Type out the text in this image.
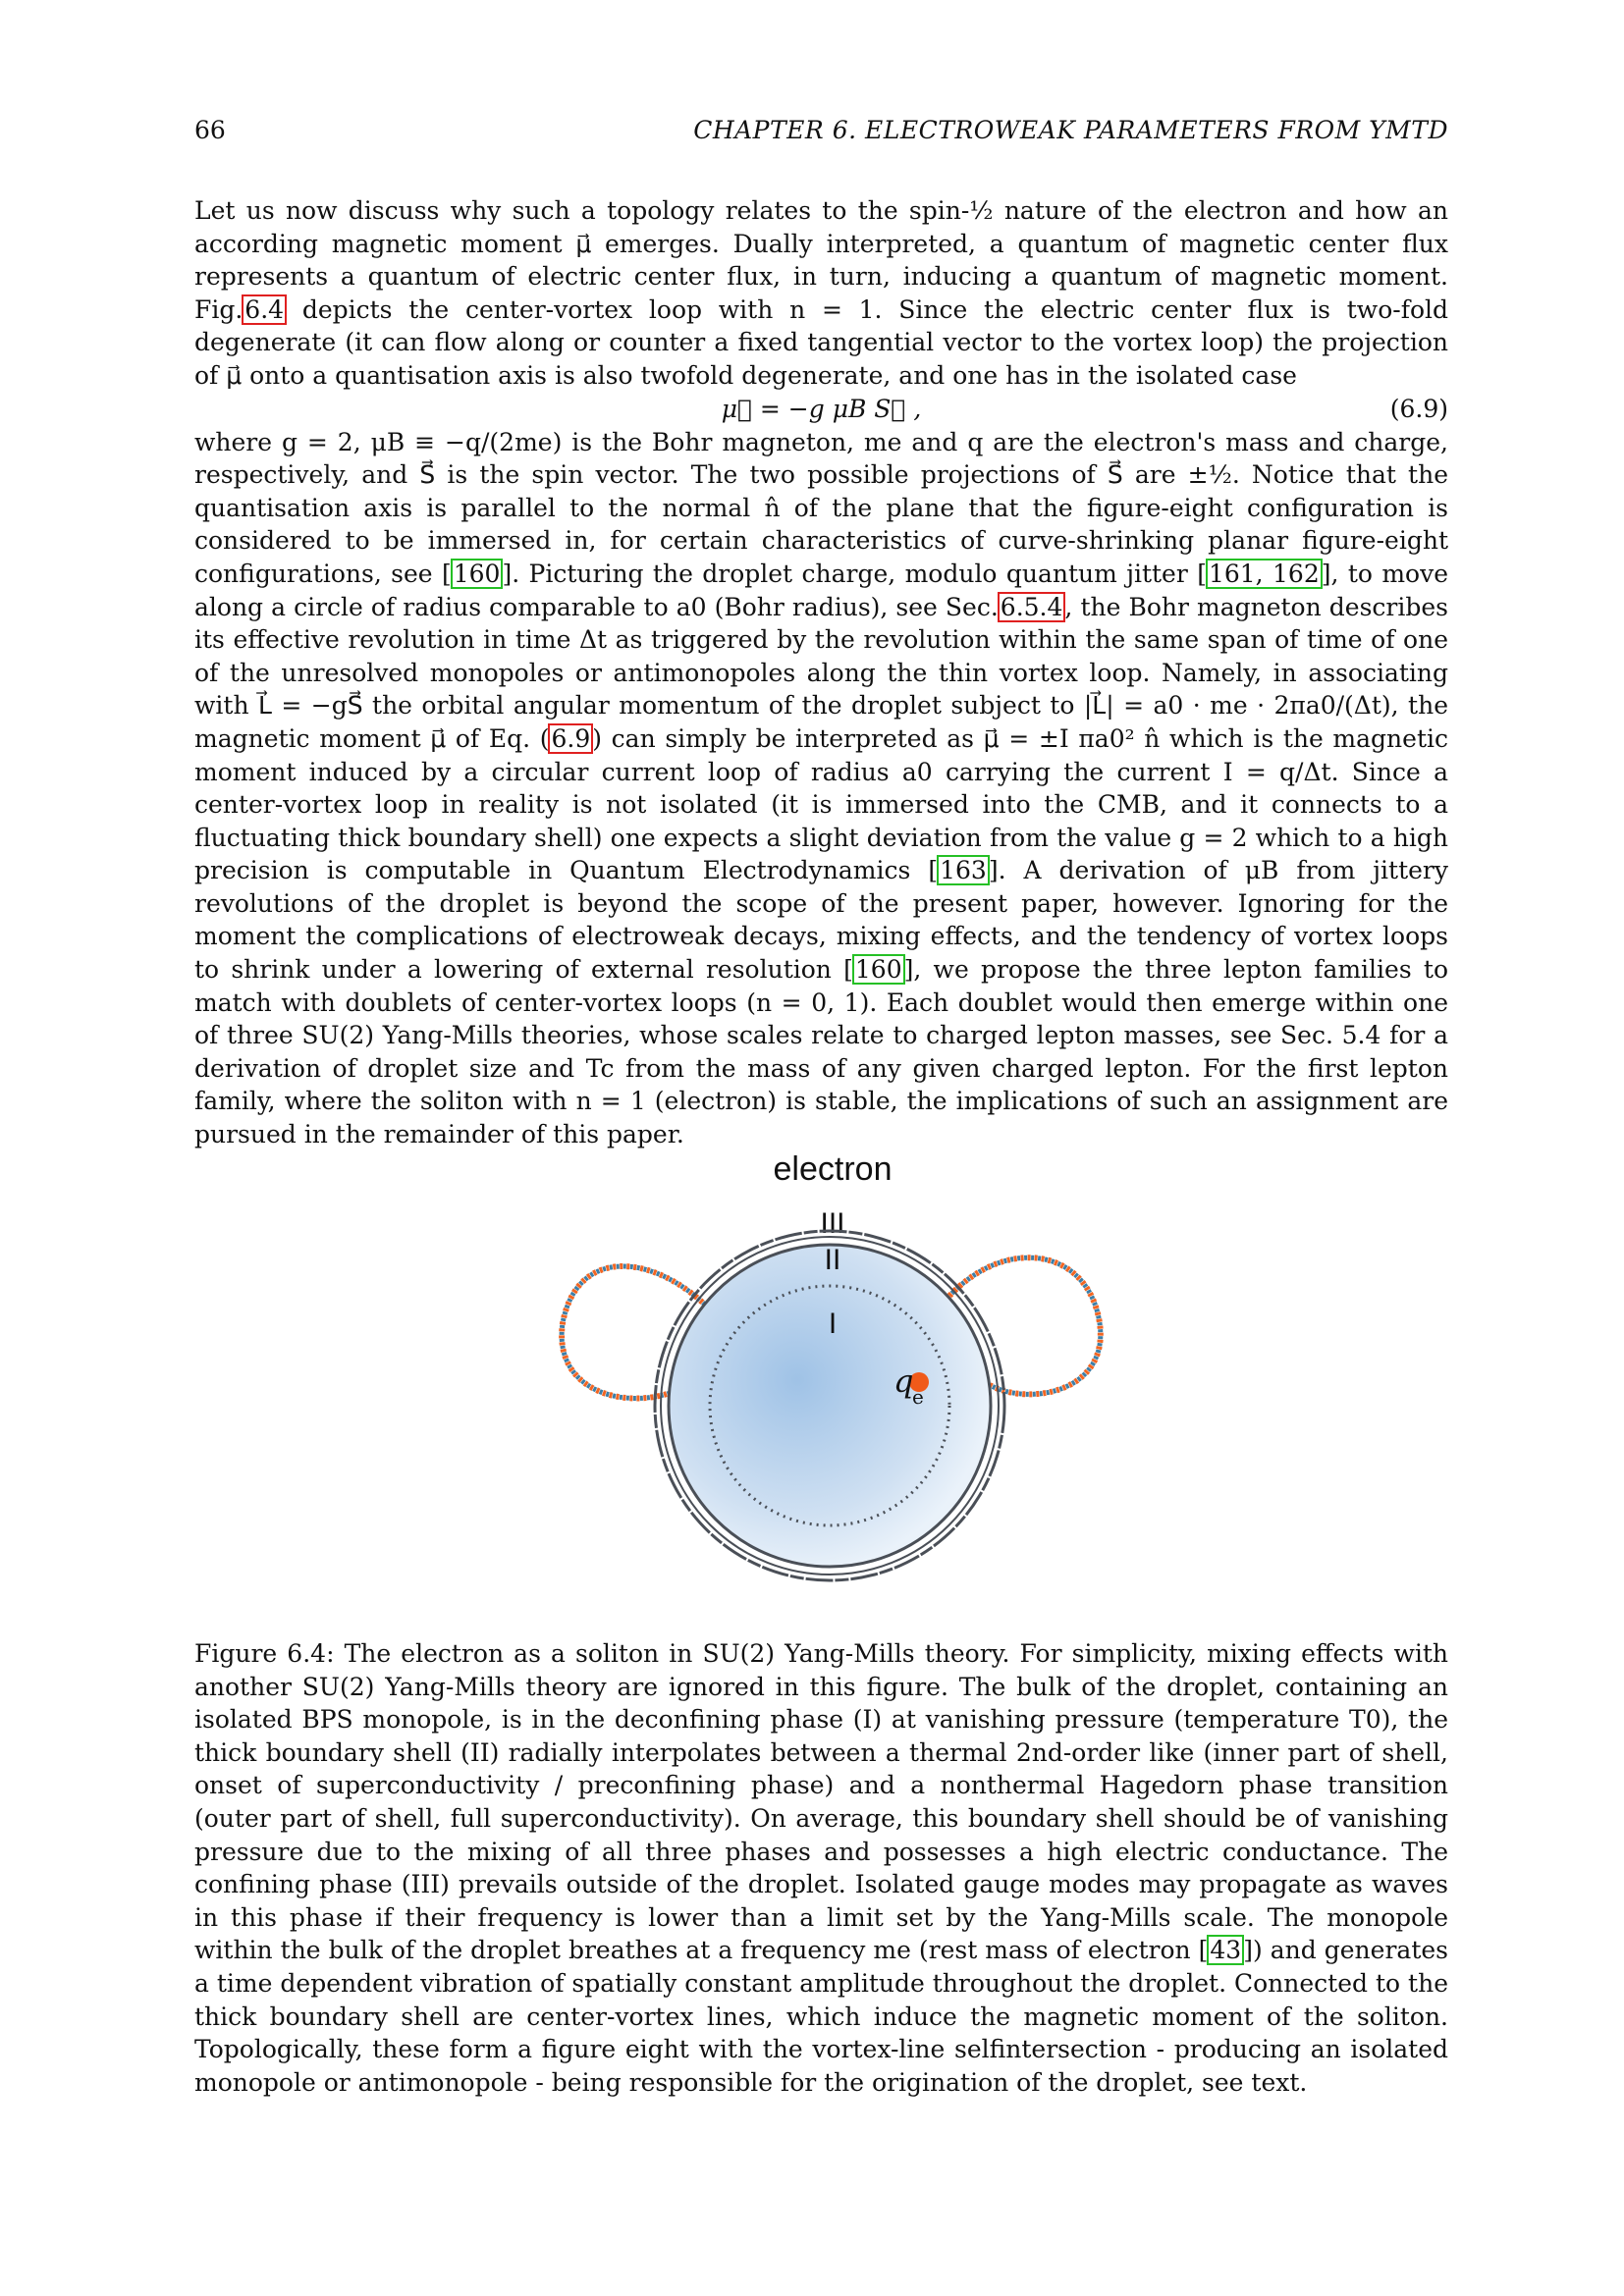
66	CHAPTER 6. ELECTROWEAK PARAMETERS FROM YMTD

Let us now discuss why such a topology relates to the spin-½ nature of the electron and how an according magnetic moment μ⃗ emerges. Dually interpreted, a quantum of magnetic center flux represents a quantum of electric center flux, in turn, inducing a quantum of magnetic moment. Fig.6.4 depicts the center-vortex loop with n = 1. Since the electric center flux is two-fold degenerate (it can flow along or counter a fixed tangential vector to the vortex loop) the projection of μ⃗ onto a quantisation axis is also twofold degenerate, and one has in the isolated case

μ⃗ = −g μB S⃗ ,	(6.9)

where g = 2, μB ≡ −q/(2me) is the Bohr magneton, me and q are the electron's mass and charge, respectively, and S⃗ is the spin vector. The two possible projections of S⃗ are ±½. Notice that the quantisation axis is parallel to the normal n̂ of the plane that the figure-eight configuration is considered to be immersed in, for certain characteristics of curve-shrinking planar figure-eight configurations, see [160]. Picturing the droplet charge, modulo quantum jitter [161, 162], to move along a circle of radius comparable to a0 (Bohr radius), see Sec.6.5.4, the Bohr magneton describes its effective revolution in time Δt as triggered by the revolution within the same span of time of one of the unresolved monopoles or antimonopoles along the thin vortex loop. Namely, in associating with L⃗ = −gS⃗ the orbital angular momentum of the droplet subject to |L⃗| = a0 · me · 2πa0/(Δt), the magnetic moment μ⃗ of Eq. (6.9) can simply be interpreted as μ⃗ = ±I πa0² n̂ which is the magnetic moment induced by a circular current loop of radius a0 carrying the current I = q/Δt. Since a center-vortex loop in reality is not isolated (it is immersed into the CMB, and it connects to a fluctuating thick boundary shell) one expects a slight deviation from the value g = 2 which to a high precision is computable in Quantum Electrodynamics [163]. A derivation of μB from jittery revolutions of the droplet is beyond the scope of the present paper, however. Ignoring for the moment the complications of electroweak decays, mixing effects, and the tendency of vortex loops to shrink under a lowering of external resolution [160], we propose the three lepton families to match with doublets of center-vortex loops (n = 0, 1). Each doublet would then emerge within one of three SU(2) Yang-Mills theories, whose scales relate to charged lepton masses, see Sec. 5.4 for a derivation of droplet size and Tc from the mass of any given charged lepton. For the first lepton family, where the soliton with n = 1 (electron) is stable, the implications of such an assignment are pursued in the remainder of this paper.

electron
III
II
I
q
e

Figure 6.4: The electron as a soliton in SU(2) Yang-Mills theory. For simplicity, mixing effects with another SU(2) Yang-Mills theory are ignored in this figure. The bulk of the droplet, containing an isolated BPS monopole, is in the deconfining phase (I) at vanishing pressure (temperature T0), the thick boundary shell (II) radially interpolates between a thermal 2nd-order like (inner part of shell, onset of superconductivity / preconfining phase) and a nonthermal Hagedorn phase transition (outer part of shell, full superconductivity). On average, this boundary shell should be of vanishing pressure due to the mixing of all three phases and possesses a high electric conductance. The confining phase (III) prevails outside of the droplet. Isolated gauge modes may propagate as waves in this phase if their frequency is lower than a limit set by the Yang-Mills scale. The monopole within the bulk of the droplet breathes at a frequency me (rest mass of electron [43]) and generates a time dependent vibration of spatially constant amplitude throughout the droplet. Connected to the thick boundary shell are center-vortex lines, which induce the magnetic moment of the soliton. Topologically, these form a figure eight with the vortex-line selfintersection - producing an isolated monopole or antimonopole - being responsible for the origination of the droplet, see text.
